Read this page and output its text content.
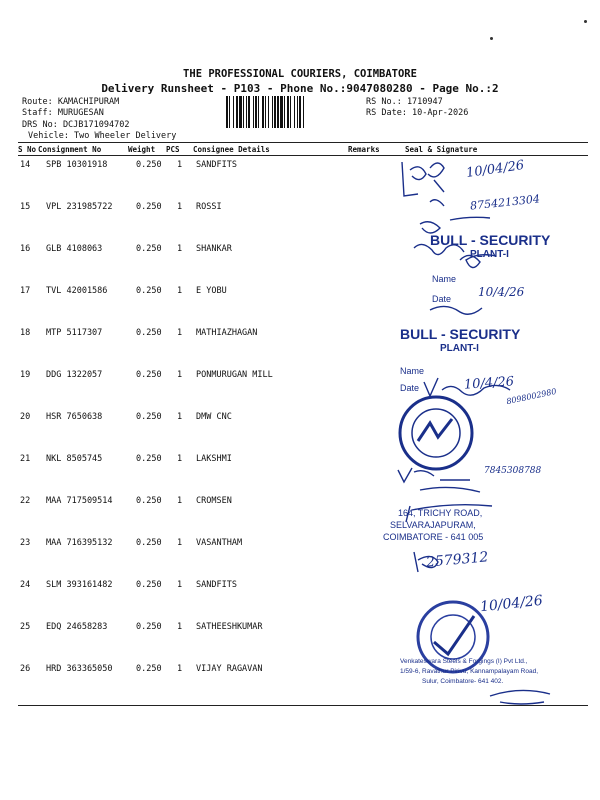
THE PROFESSIONAL COURIERS, COIMBATORE
Delivery Runsheet - P103 - Phone No.:9047080280 - Page No.:2
Route: KAMACHIPURAM
Staff: MURUGESAN
DRS No: DCJB171094702
Vehicle: Two Wheeler Delivery
RS No.: 1710947
RS Date: 10-Apr-2026
S No Consignment No	Weight PCS Consignee Details	Remarks	Seal & Signature
14 SPB 10301918	0.250 1 SANDFITS
15 VPL 231985722	0.250 1 ROSSI
16 GLB 4108063	0.250 1 SHANKAR
17 TVL 42001586	0.250 1 E YOBU
18 MTP 5117307	0.250 1 MATHIAZHAGAN
19 DDG 1322057	0.250 1 PONMURUGAN MILL
20 HSR 7650638	0.250 1 DMW CNC
21 NKL 8505745	0.250 1 LAKSHMI
22 MAA 717509514	0.250 1 CROMSEN
23 MAA 716395132	0.250 1 VASANTHAM
24 SLM 393161482	0.250 1 SANDFITS
25 EDQ 24658283	0.250 1 SATHEESHKUMAR
26 HRD 363365050	0.250 1 VIJAY RAGAVAN
BULL - SECURITY
PLANT-I
Name
Date
BULL - SECURITY
PLANT-I
Name
Date
164, TRICHY ROAD,
SELVARAJAPURAM,
COIMBATORE - 641 005
Venkateswara Steels & Forgings (I) Pvt Ltd.,
1/59-6, Ravathur Pirivu, Kannampalayam Road,
Sulur, Coimbatore- 641 402.
10/04/26
8754213304
10/4/26
10/4/26
8098002980
7845308788
2579312
10/04/26
